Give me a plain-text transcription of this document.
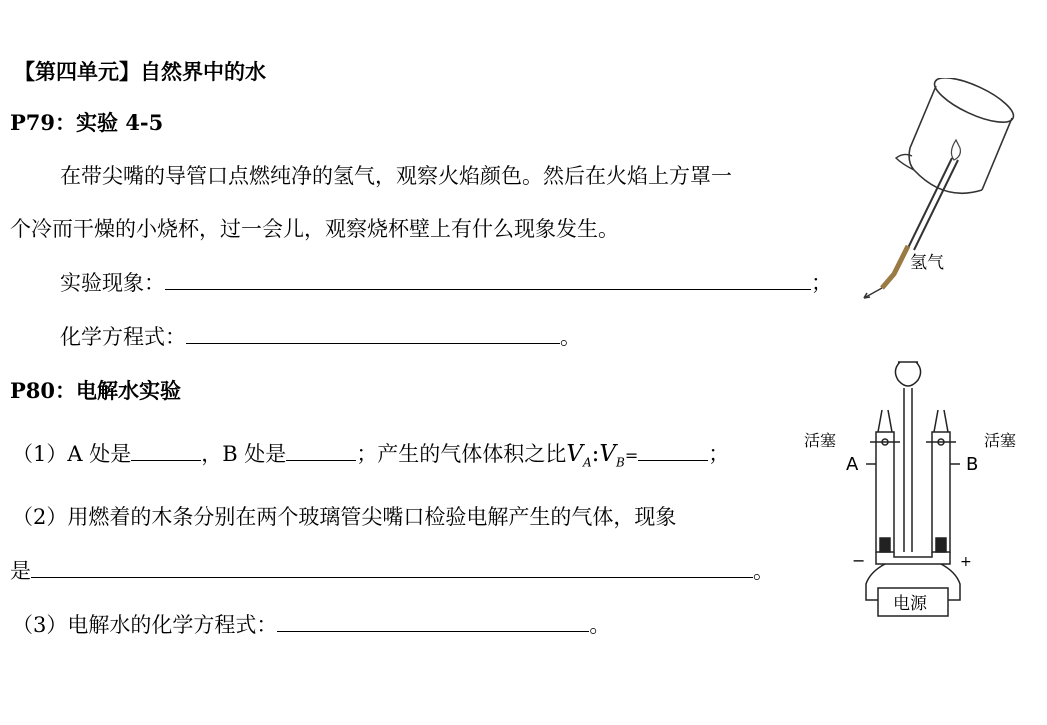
【第四单元】自然界中的水
P79：实验 4-5
在带尖嘴的导管口点燃纯净的氢气，观察火焰颜色。然后在火焰上方罩一
个冷而干燥的小烧杯，过一会儿，观察烧杯壁上有什么现象发生。
实验现象：	；
化学方程式：	。
氢气
P80：电解水实验
（1）A 处是	，B 处是	；产生的气体体积之比$V_A:V_B=$	；
（2）用燃着的木条分别在两个玻璃管尖嘴口检验电解产生的气体，现象
是	。
（3）电解水的化学方程式：	。
活塞	活塞
A	B
−	+
电源
